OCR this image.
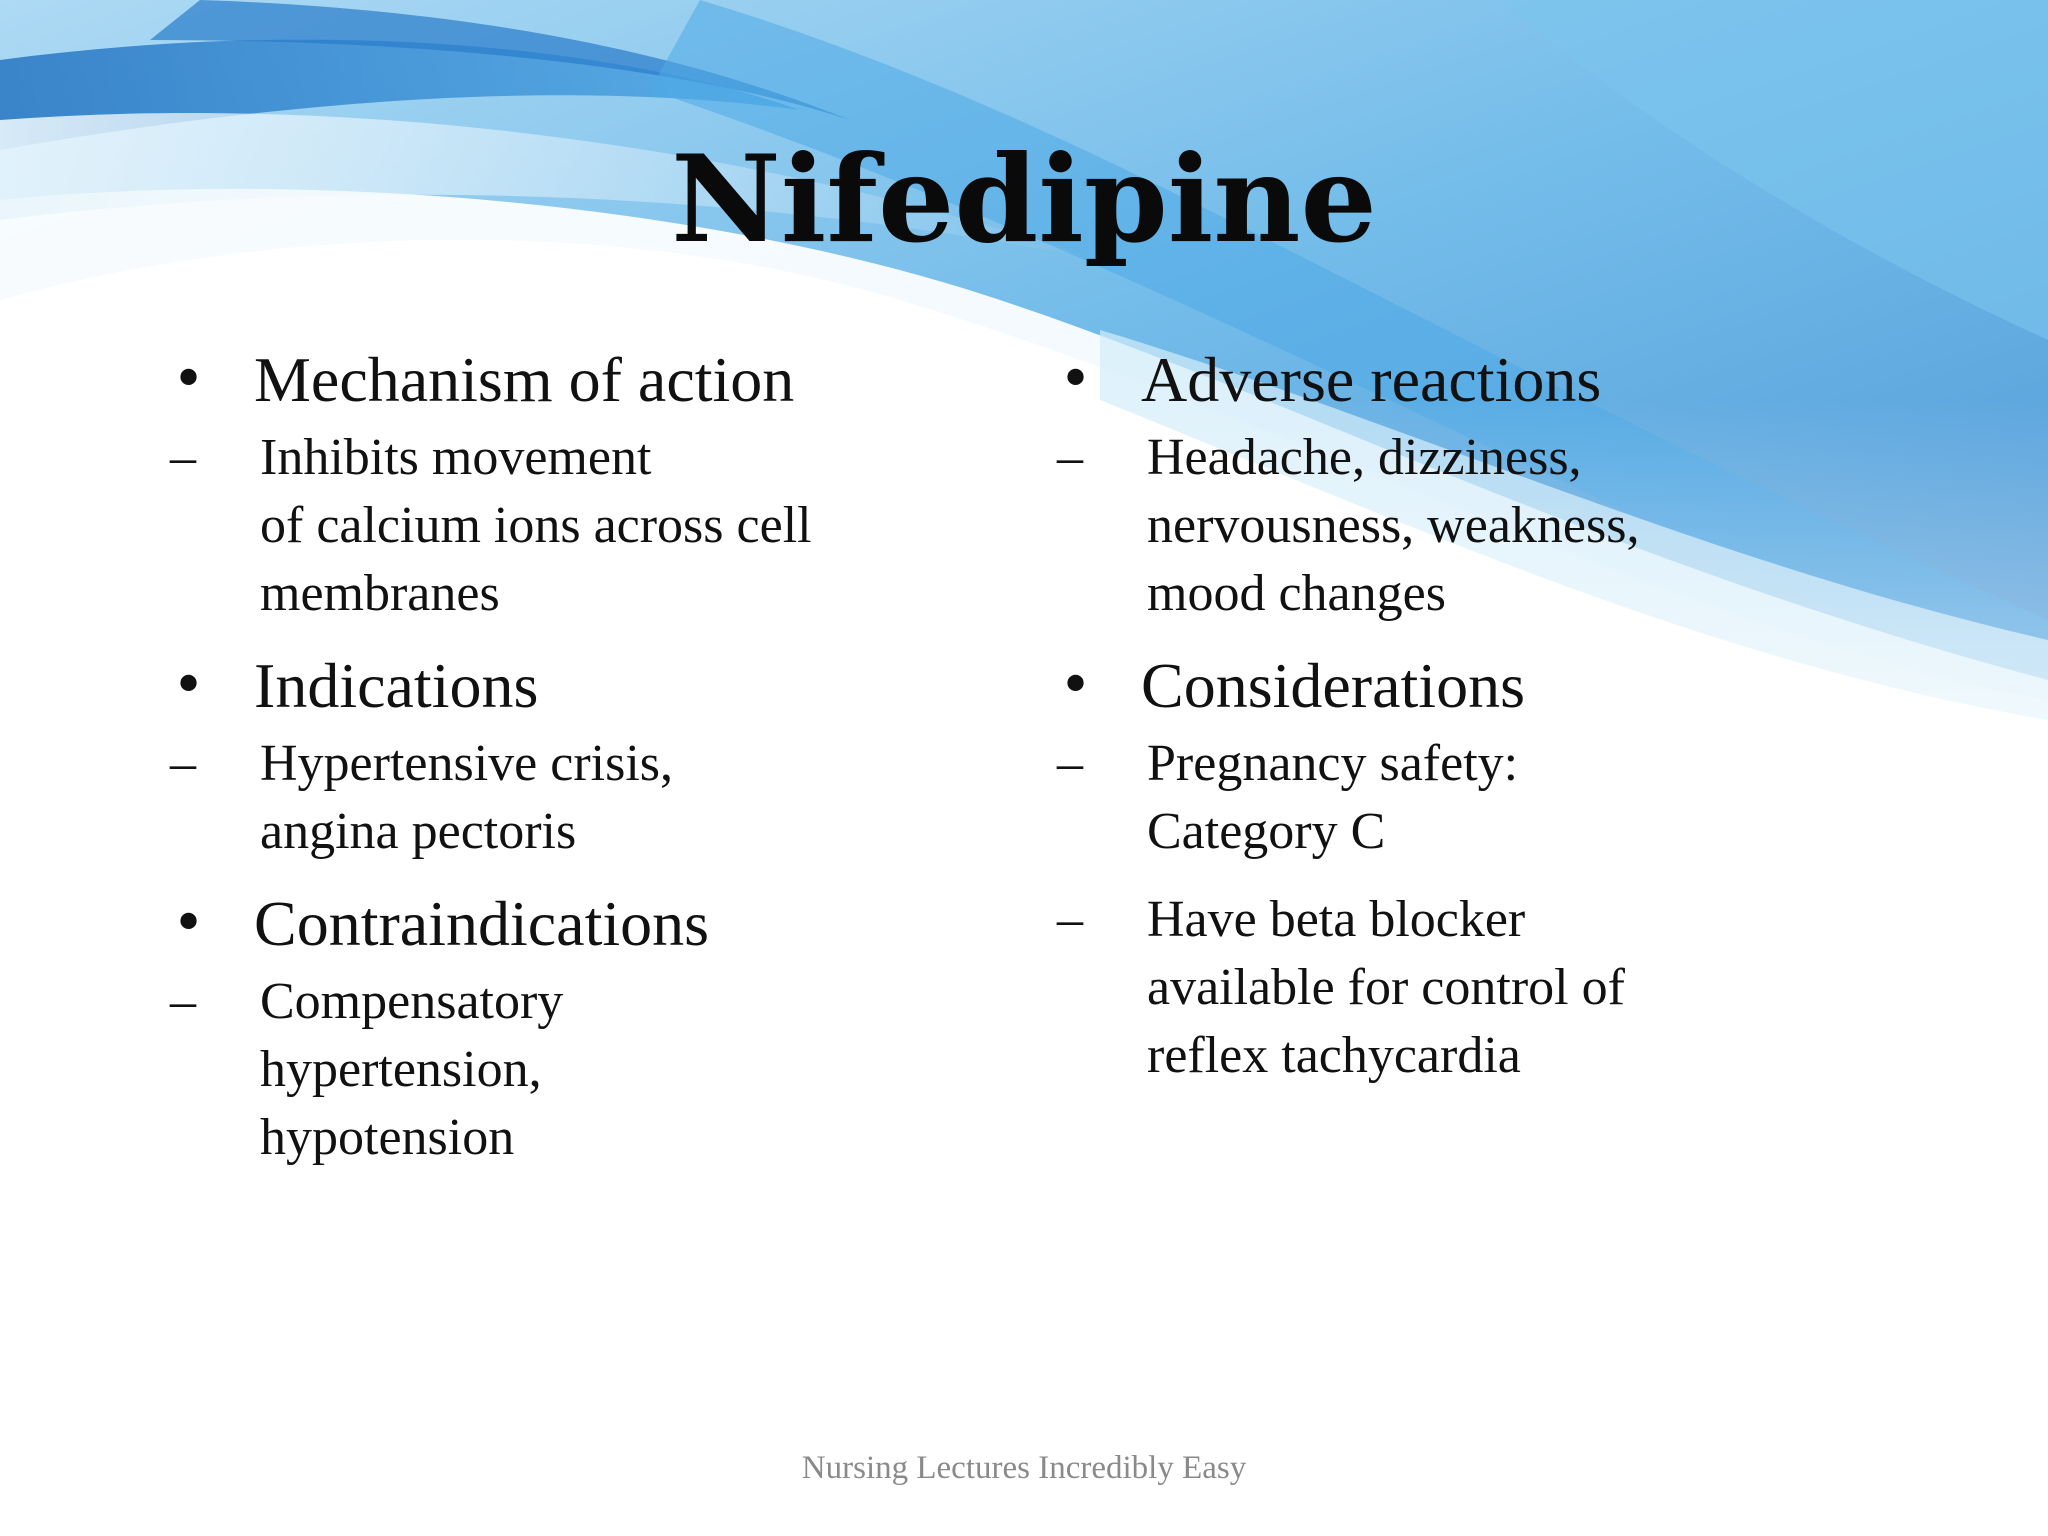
Nifedipine
• Mechanism of action
– Inhibits movement
of calcium ions across cell
membranes
• Indications
– Hypertensive crisis,
angina pectoris
• Contraindications
– Compensatory
hypertension,
hypotension
• Adverse reactions
– Headache, dizziness,
nervousness, weakness,
mood changes
• Considerations
– Pregnancy safety:
Category C
– Have beta blocker
available for control of
reflex tachycardia
Nursing Lectures Incredibly Easy
